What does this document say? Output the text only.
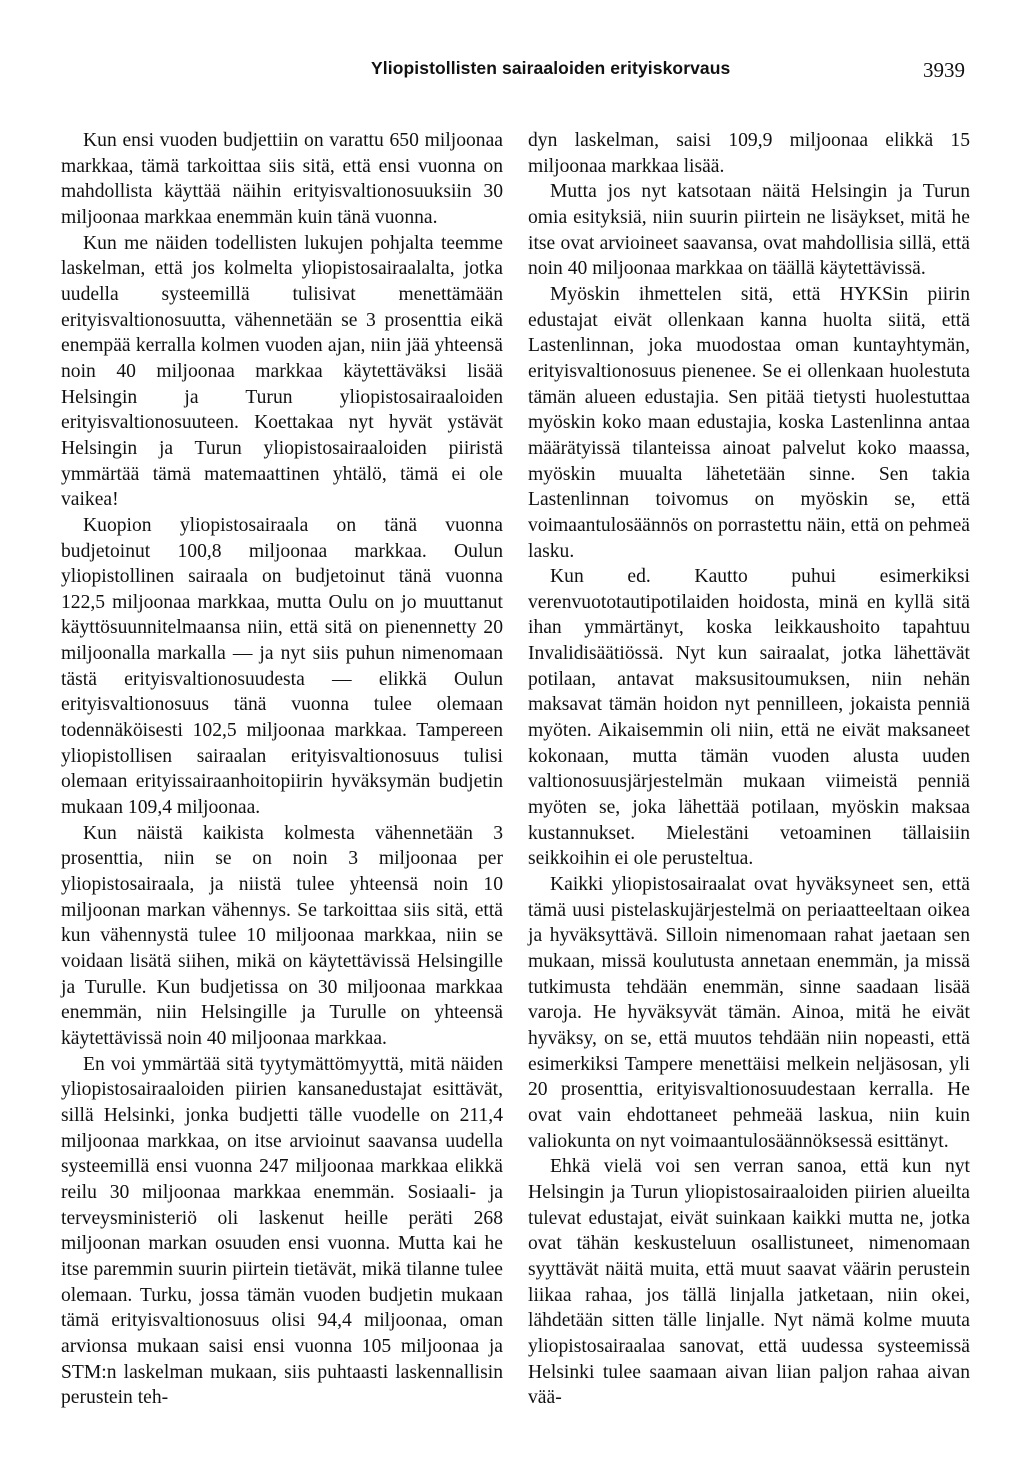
Yliopistollisten sairaaloiden erityiskorvaus	3939

Kun ensi vuoden budjettiin on varattu 650 miljoonaa markkaa, tämä tarkoittaa siis sitä, että ensi vuonna on mahdollista käyttää näihin erityisvaltionosuuksiin 30 miljoonaa markkaa enemmän kuin tänä vuonna.

Kun me näiden todellisten lukujen pohjalta teemme laskelman, että jos kolmelta yliopistosairaalalta, jotka uudella systeemillä tulisivat menettämään erityisvaltionosuutta, vähennetään se 3 prosenttia eikä enempää kerralla kolmen vuoden ajan, niin jää yhteensä noin 40 miljoonaa markkaa käytettäväksi lisää Helsingin ja Turun yliopistosairaaloiden erityisvaltionosuuteen. Koettakaa nyt hyvät ystävät Helsingin ja Turun yliopistosairaaloiden piiristä ymmärtää tämä matemaattinen yhtälö, tämä ei ole vaikea!

Kuopion yliopistosairaala on tänä vuonna budjetoinut 100,8 miljoonaa markkaa. Oulun yliopistollinen sairaala on budjetoinut tänä vuonna 122,5 miljoonaa markkaa, mutta Oulu on jo muuttanut käyttösuunnitelmaansa niin, että sitä on pienennetty 20 miljoonalla markalla — ja nyt siis puhun nimenomaan tästä erityisvaltionosuudesta — elikkä Oulun erityisvaltionosuus tänä vuonna tulee olemaan todennäköisesti 102,5 miljoonaa markkaa. Tampereen yliopistollisen sairaalan erityisvaltionosuus tulisi olemaan erityissairaanhoitopiirin hyväksymän budjetin mukaan 109,4 miljoonaa.

Kun näistä kaikista kolmesta vähennetään 3 prosenttia, niin se on noin 3 miljoonaa per yliopistosairaala, ja niistä tulee yhteensä noin 10 miljoonan markan vähennys. Se tarkoittaa siis sitä, että kun vähennystä tulee 10 miljoonaa markkaa, niin se voidaan lisätä siihen, mikä on käytettävissä Helsingille ja Turulle. Kun budjetissa on 30 miljoonaa markkaa enemmän, niin Helsingille ja Turulle on yhteensä käytettävissä noin 40 miljoonaa markkaa.

En voi ymmärtää sitä tyytymättömyyttä, mitä näiden yliopistosairaaloiden piirien kansanedustajat esittävät, sillä Helsinki, jonka budjetti tälle vuodelle on 211,4 miljoonaa markkaa, on itse arvioinut saavansa uudella systeemillä ensi vuonna 247 miljoonaa markkaa elikkä reilu 30 miljoonaa markkaa enemmän. Sosiaali- ja terveysministeriö oli laskenut heille peräti 268 miljoonan markan osuuden ensi vuonna. Mutta kai he itse paremmin suurin piirtein tietävät, mikä tilanne tulee olemaan. Turku, jossa tämän vuoden budjetin mukaan tämä erityisvaltionosuus olisi 94,4 miljoonaa, oman arvionsa mukaan saisi ensi vuonna 105 miljoonaa ja STM:n laskelman mukaan, siis puhtaasti laskennallisin perustein teh-

dyn laskelman, saisi 109,9 miljoonaa elikkä 15 miljoonaa markkaa lisää.

Mutta jos nyt katsotaan näitä Helsingin ja Turun omia esityksiä, niin suurin piirtein ne lisäykset, mitä he itse ovat arvioineet saavansa, ovat mahdollisia sillä, että noin 40 miljoonaa markkaa on täällä käytettävissä.

Myöskin ihmettelen sitä, että HYKSin piirin edustajat eivät ollenkaan kanna huolta siitä, että Lastenlinnan, joka muodostaa oman kuntayhtymän, erityisvaltionosuus pienenee. Se ei ollenkaan huolestuta tämän alueen edustajia. Sen pitää tietysti huolestuttaa myöskin koko maan edustajia, koska Lastenlinna antaa määrätyissä tilanteissa ainoat palvelut koko maassa, myöskin muualta lähetetään sinne. Sen takia Lastenlinnan toivomus on myöskin se, että voimaantulosäännös on porrastettu näin, että on pehmeä lasku.

Kun ed. Kautto puhui esimerkiksi verenvuototautipotilaiden hoidosta, minä en kyllä sitä ihan ymmärtänyt, koska leikkaushoito tapahtuu Invalidisäätiössä. Nyt kun sairaalat, jotka lähettävät potilaan, antavat maksusitoumuksen, niin nehän maksavat tämän hoidon nyt pennilleen, jokaista penniä myöten. Aikaisemmin oli niin, että ne eivät maksaneet kokonaan, mutta tämän vuoden alusta uuden valtionosuusjärjestelmän mukaan viimeistä penniä myöten se, joka lähettää potilaan, myöskin maksaa kustannukset. Mielestäni vetoaminen tällaisiin seikkoihin ei ole perusteltua.

Kaikki yliopistosairaalat ovat hyväksyneet sen, että tämä uusi pistelaskujärjestelmä on periaatteeltaan oikea ja hyväksyttävä. Silloin nimenomaan rahat jaetaan sen mukaan, missä koulutusta annetaan enemmän, ja missä tutkimusta tehdään enemmän, sinne saadaan lisää varoja. He hyväksyvät tämän. Ainoa, mitä he eivät hyväksy, on se, että muutos tehdään niin nopeasti, että esimerkiksi Tampere menettäisi melkein neljäsosan, yli 20 prosenttia, erityisvaltionosuudestaan kerralla. He ovat vain ehdottaneet pehmeää laskua, niin kuin valiokunta on nyt voimaantulosäännöksessä esittänyt.

Ehkä vielä voi sen verran sanoa, että kun nyt Helsingin ja Turun yliopistosairaaloiden piirien alueilta tulevat edustajat, eivät suinkaan kaikki mutta ne, jotka ovat tähän keskusteluun osallistuneet, nimenomaan syyttävät näitä muita, että muut saavat väärin perustein liikaa rahaa, jos tällä linjalla jatketaan, niin okei, lähdetään sitten tälle linjalle. Nyt nämä kolme muuta yliopistosairaalaa sanovat, että uudessa systeemissä Helsinki tulee saamaan aivan liian paljon rahaa aivan vää-
